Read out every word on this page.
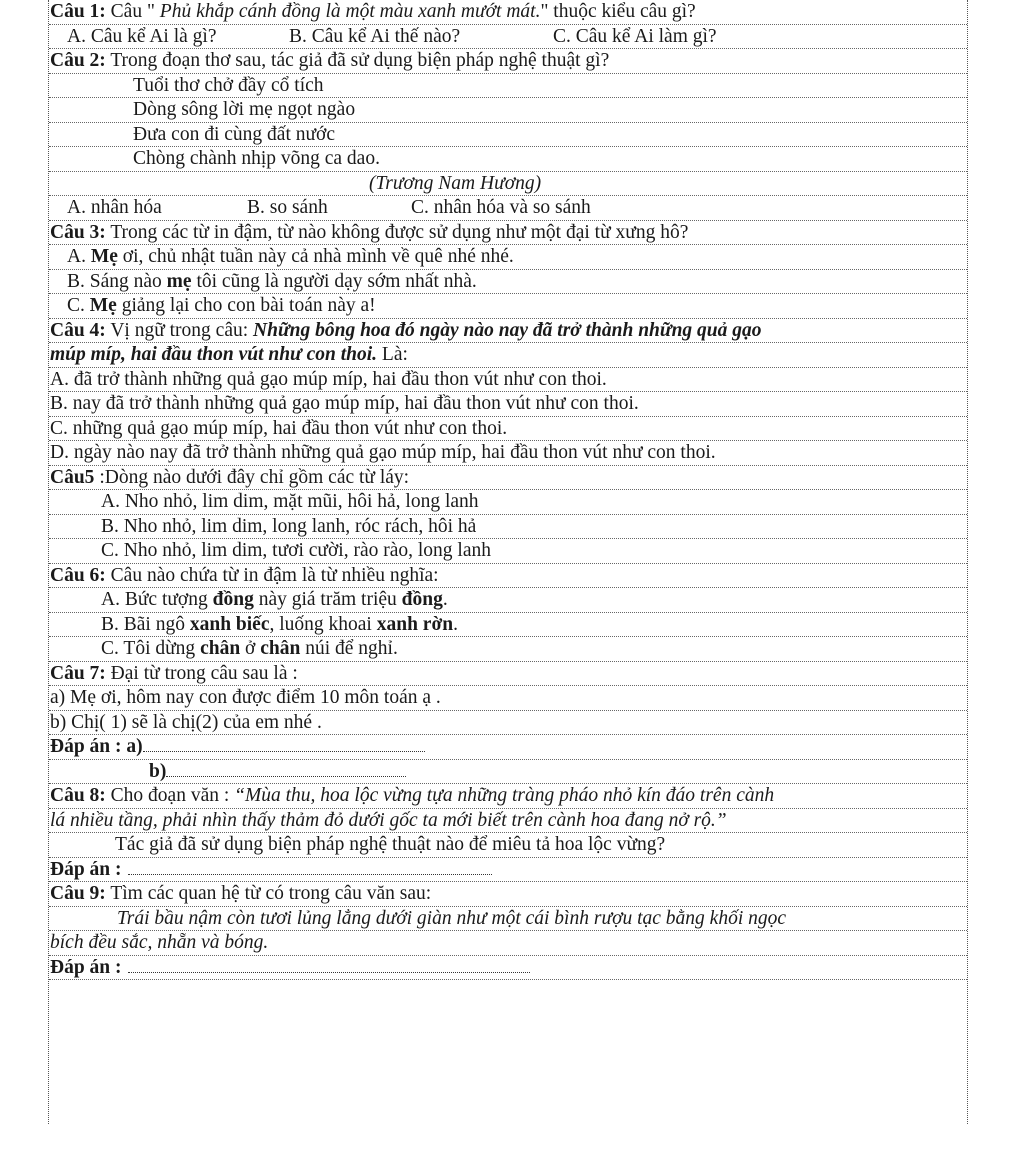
Câu 1: Câu " Phủ khắp cánh đồng là một màu xanh mướt mát." thuộc kiểu câu gì?
A. Câu kể Ai là gì?	B. Câu kể Ai thế nào?	C. Câu kể Ai làm gì?
Câu 2: Trong đoạn thơ sau, tác giả đã sử dụng biện pháp nghệ thuật gì?
Tuổi thơ chở đầy cổ tích
Dòng sông lời mẹ ngọt ngào
Đưa con đi cùng đất nước
Chòng chành nhịp võng ca dao.
(Trương Nam Hương)
A. nhân hóa	B. so sánh	C. nhân hóa và so sánh
Câu 3: Trong các từ in đậm, từ nào không được sử dụng như một đại từ xưng hô?
A. Mẹ ơi, chủ nhật tuần này cả nhà mình về quê nhé nhé.
B. Sáng nào mẹ tôi cũng là người dạy sớm nhất nhà.
C. Mẹ giảng lại cho con bài toán này a!
Câu 4: Vị ngữ trong câu: Những bông hoa đó ngày nào nay đã trở thành những quả gạo
múp míp, hai đầu thon vút như con thoi. Là:
A. đã trở thành những quả gạo múp míp, hai đầu thon vút như con thoi.
B. nay đã trở thành những quả gạo múp míp, hai đầu thon vút như con thoi.
C. những quả gạo múp míp, hai đầu thon vút như con thoi.
D. ngày nào nay đã trở thành những quả gạo múp míp, hai đầu thon vút như con thoi.
Câu5 :Dòng nào dưới đây chỉ gồm các từ láy:
A. Nho nhỏ, lim dim, mặt mũi, hôi hả, long lanh
B. Nho nhỏ, lim dim, long lanh, róc rách, hôi hả
C. Nho nhỏ, lim dim, tươi cười, rào rào, long lanh
Câu 6: Câu nào chứa từ in đậm là từ nhiều nghĩa:
A. Bức tượng đồng này giá trăm triệu đồng.
B. Bãi ngô xanh biếc, luống khoai xanh rờn.
C. Tôi dừng chân ở chân núi để nghỉ.
Câu 7: Đại từ trong câu sau là :
a) Mẹ ơi, hôm nay con được điểm 10 môn toán ạ .
b) Chị( 1) sẽ là chị(2) của em nhé .
Đáp án : a)
b)
Câu 8: Cho đoạn văn : “Mùa thu, hoa lộc vừng tựa những tràng pháo nhỏ kín đáo trên cành
lá nhiều tầng, phải nhìn thấy thảm đỏ dưới gốc ta mới biết trên cành hoa đang nở rộ.”
Tác giả đã sử dụng biện pháp nghệ thuật nào để miêu tả hoa lộc vừng?
Đáp án :
Câu 9: Tìm các quan hệ từ có trong câu văn sau:
Trái bầu nậm còn tươi lủng lẳng dưới giàn như một cái bình rượu tạc bằng khối ngọc
bích đều sắc, nhẵn và bóng.
Đáp án :
